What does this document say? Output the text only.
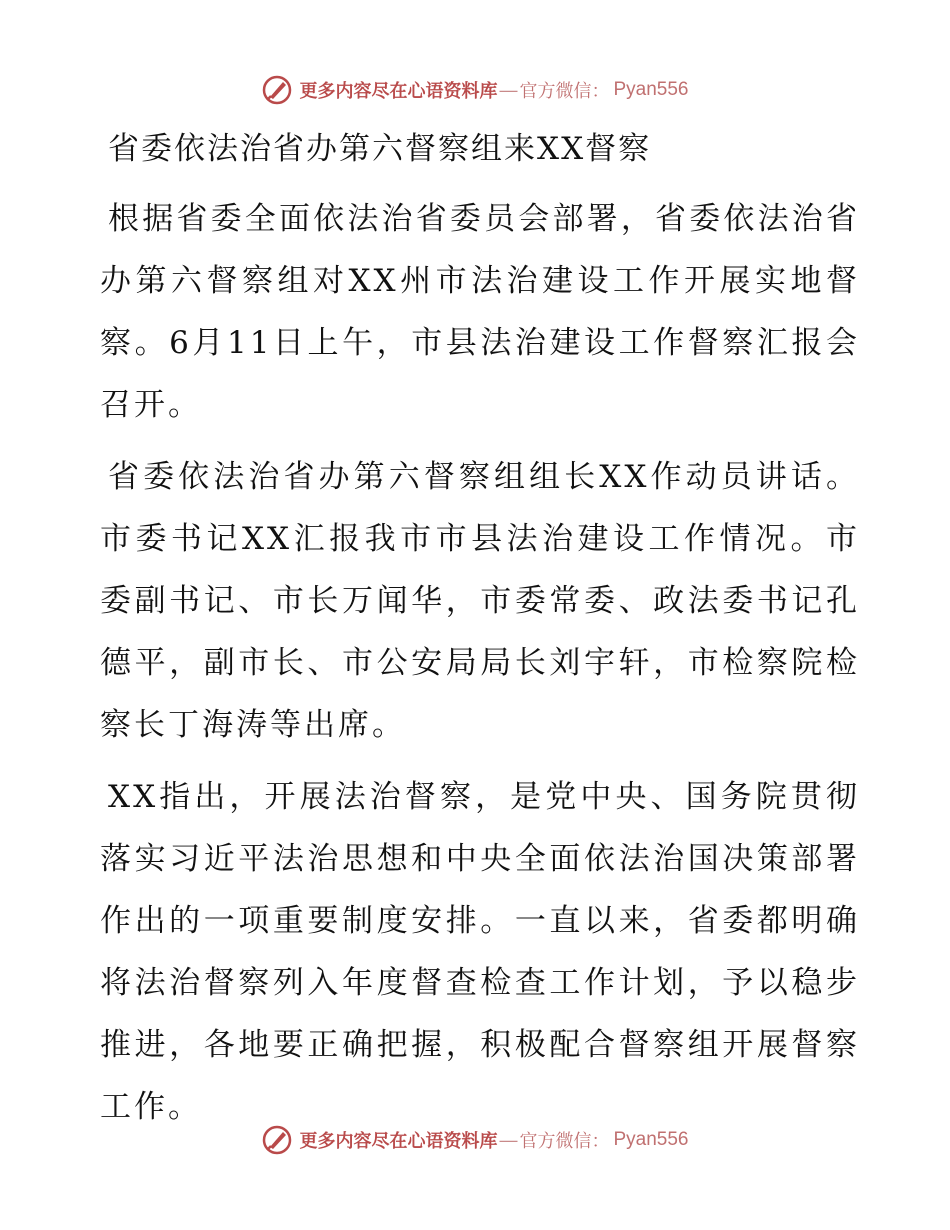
更多内容尽在心语资料库 — 官方微信： Pyan556
省委依法治省办第六督察组来XX督察

根据省委全面依法治省委员会部署，省委依法治省办第六督察组对XX州市法治建设工作开展实地督察。6月11日上午，市县法治建设工作督察汇报会召开。

省委依法治省办第六督察组组长XX作动员讲话。市委书记XX汇报我市市县法治建设工作情况。市委副书记、市长万闻华，市委常委、政法委书记孔德平，副市长、市公安局局长刘宇轩，市检察院检察长丁海涛等出席。

XX指出，开展法治督察，是党中央、国务院贯彻落实习近平法治思想和中央全面依法治国决策部署作出的一项重要制度安排。一直以来，省委都明确将法治督察列入年度督查检查工作计划，予以稳步推进，各地要正确把握，积极配合督察组开展督察工作。

更多内容尽在心语资料库 — 官方微信： Pyan556
